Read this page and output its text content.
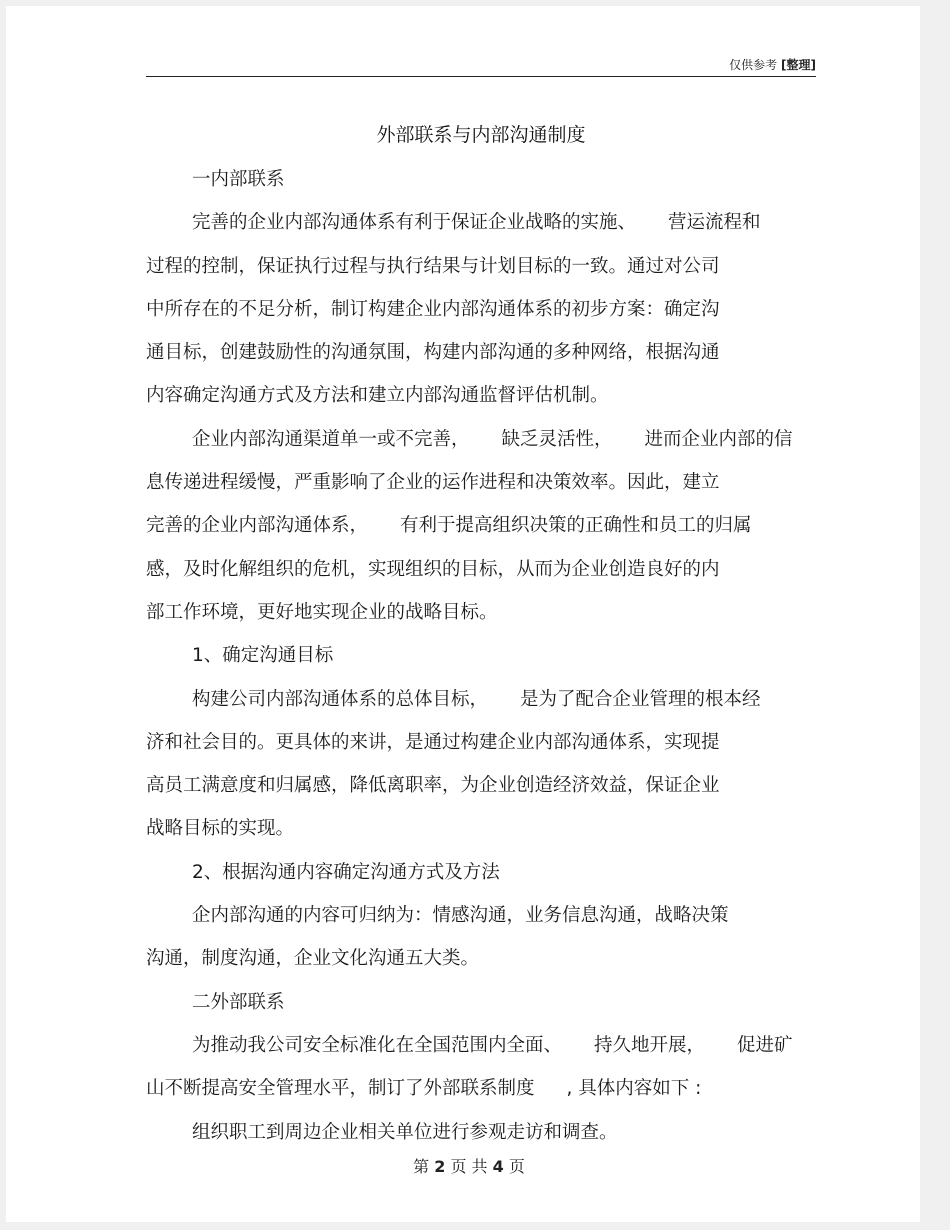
仅供参考 [整理]
外部联系与内部沟通制度
一内部联系
完善的企业内部沟通体系有利于保证企业战略的实施、 营运流程和
过程的控制，保证执行过程与执行结果与计划目标的一致。通过对公司
中所存在的不足分析，制订构建企业内部沟通体系的初步方案：确定沟
通目标，创建鼓励性的沟通氛围，构建内部沟通的多种网络，根据沟通
内容确定沟通方式及方法和建立内部沟通监督评估机制。
企业内部沟通渠道单一或不完善， 缺乏灵活性， 进而企业内部的信
息传递进程缓慢，严重影响了企业的运作进程和决策效率。因此，建立
完善的企业内部沟通体系， 有利于提高组织决策的正确性和员工的归属
感，及时化解组织的危机，实现组织的目标，从而为企业创造良好的内
部工作环境，更好地实现企业的战略目标。
1、确定沟通目标
构建公司内部沟通体系的总体目标， 是为了配合企业管理的根本经
济和社会目的。更具体的来讲，是通过构建企业内部沟通体系，实现提
高员工满意度和归属感，降低离职率，为企业创造经济效益，保证企业
战略目标的实现。
2、根据沟通内容确定沟通方式及方法
企内部沟通的内容可归纳为：情感沟通，业务信息沟通，战略决策
沟通，制度沟通，企业文化沟通五大类。
二外部联系
为推动我公司安全标准化在全国范围内全面、 持久地开展， 促进矿
山不断提高安全管理水平，制订了外部联系制度 , 具体内容如下 :
组织职工到周边企业相关单位进行参观走访和调查。
第 2 页 共 4 页
